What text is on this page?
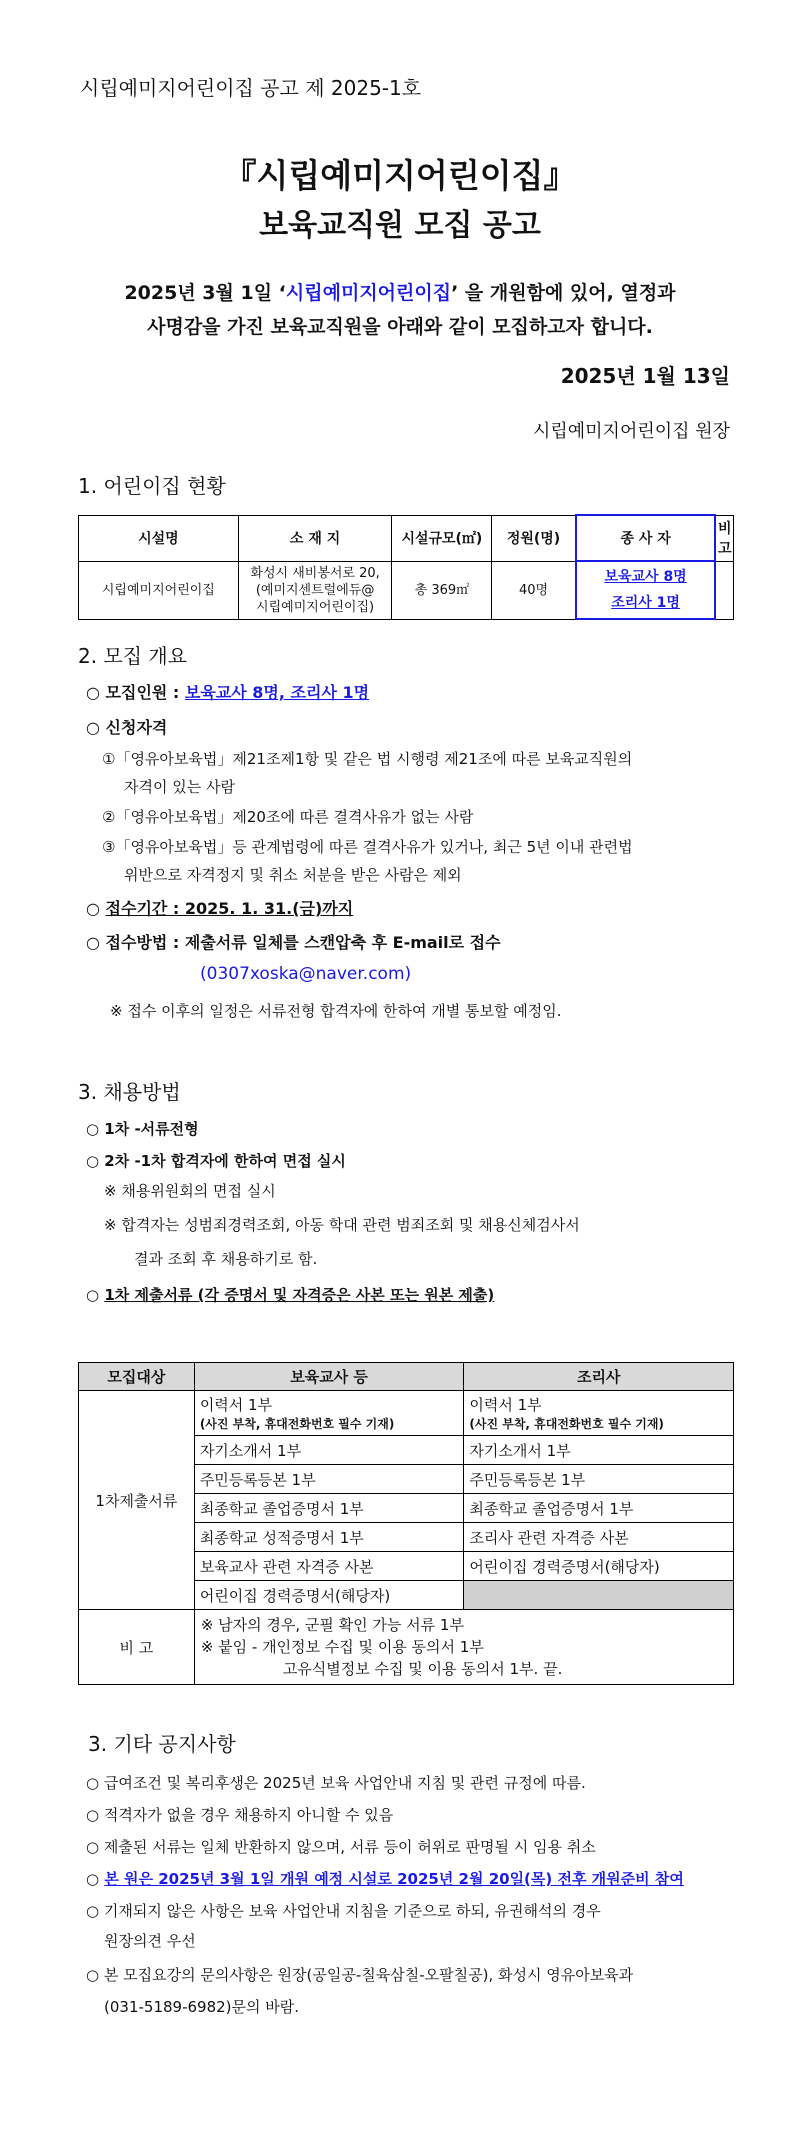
시립예미지어린이집 공고 제 2025-1호
『시립예미지어린이집』
보육교직원 모집 공고
2025년 3월 1일 ‘시립예미지어린이집’ 을 개원함에 있어, 열정과
사명감을 가진 보육교직원을 아래와 같이 모집하고자 합니다.
2025년 1월 13일
시립예미지어린이집 원장
1. 어린이집 현황
시설명	소 재 지	시설규모(㎡)	정원(명)	종 사 자	비 고
시립예미지어린이집	화성시 새비봉서로 20,
(예미지센트럴에듀@
시립예미지어린이집)	총 369㎡	40명	보육교사 8명
조리사 1명	
2. 모집 개요
○ 모집인원 : 보육교사 8명, 조리사 1명
○ 신청자격
①「영유아보육법」제21조제1항 및 같은 법 시행령 제21조에 따른 보육교직원의
자격이 있는 사람
②「영유아보육법」제20조에 따른 결격사유가 없는 사람
③「영유아보육법」등 관계법령에 따른 결격사유가 있거나, 최근 5년 이내 관련법
위반으로 자격정지 및 취소 처분을 받은 사람은 제외
○ 접수기간 : 2025. 1. 31.(금)까지
○ 접수방법 : 제출서류 일체를 스캔압축 후 E-mail로 접수
(0307xoska@naver.com)
※ 접수 이후의 일정은 서류전형 합격자에 한하여 개별 통보할 예정임.
3. 채용방법
○ 1차 -서류전형
○ 2차 -1차 합격자에 한하여 면접 실시
※ 채용위원회의 면접 실시
※ 합격자는 성범죄경력조회, 아동 학대 관련 범죄조회 및 채용신체검사서
결과 조회 후 채용하기로 함.
○ 1차 제출서류 (각 증명서 및 자격증은 사본 또는 원본 제출)
모집대상	보육교사 등	조리사
1차제출서류	이력서 1부
(사진 부착, 휴대전화번호 필수 기재)	이력서 1부
(사진 부착, 휴대전화번호 필수 기재)

	자기소개서 1부	자기소개서 1부
	주민등록등본 1부	주민등록등본 1부
	최종학교 졸업증명서 1부	최종학교 졸업증명서 1부
	최종학교 성적증명서 1부	조리사 관련 자격증 사본
	보육교사 관련 자격증 사본	어린이집 경력증명서(해당자)
	어린이집 경력증명서(해당자)	
비 고	※ 남자의 경우, 군필 확인 가능 서류 1부
※ 붙임 - 개인정보 수집 및 이용 동의서 1부
고유식별정보 수집 및 이용 동의서 1부. 끝.	
3. 기타 공지사항
○ 급여조건 및 복리후생은 2025년 보육 사업안내 지침 및 관련 규정에 따름.
○ 적격자가 없을 경우 채용하지 아니할 수 있음
○ 제출된 서류는 일체 반환하지 않으며, 서류 등이 허위로 판명될 시 임용 취소
○ 본 원은 2025년 3월 1일 개원 예정 시설로 2025년 2월 20일(목) 전후 개원준비 참여
○ 기재되지 않은 사항은 보육 사업안내 지침을 기준으로 하되, 유권해석의 경우
원장의견 우선
○ 본 모집요강의 문의사항은 원장(공일공-칠육삼칠-오팔칠공), 화성시 영유아보육과
(031-5189-6982)문의 바람.
